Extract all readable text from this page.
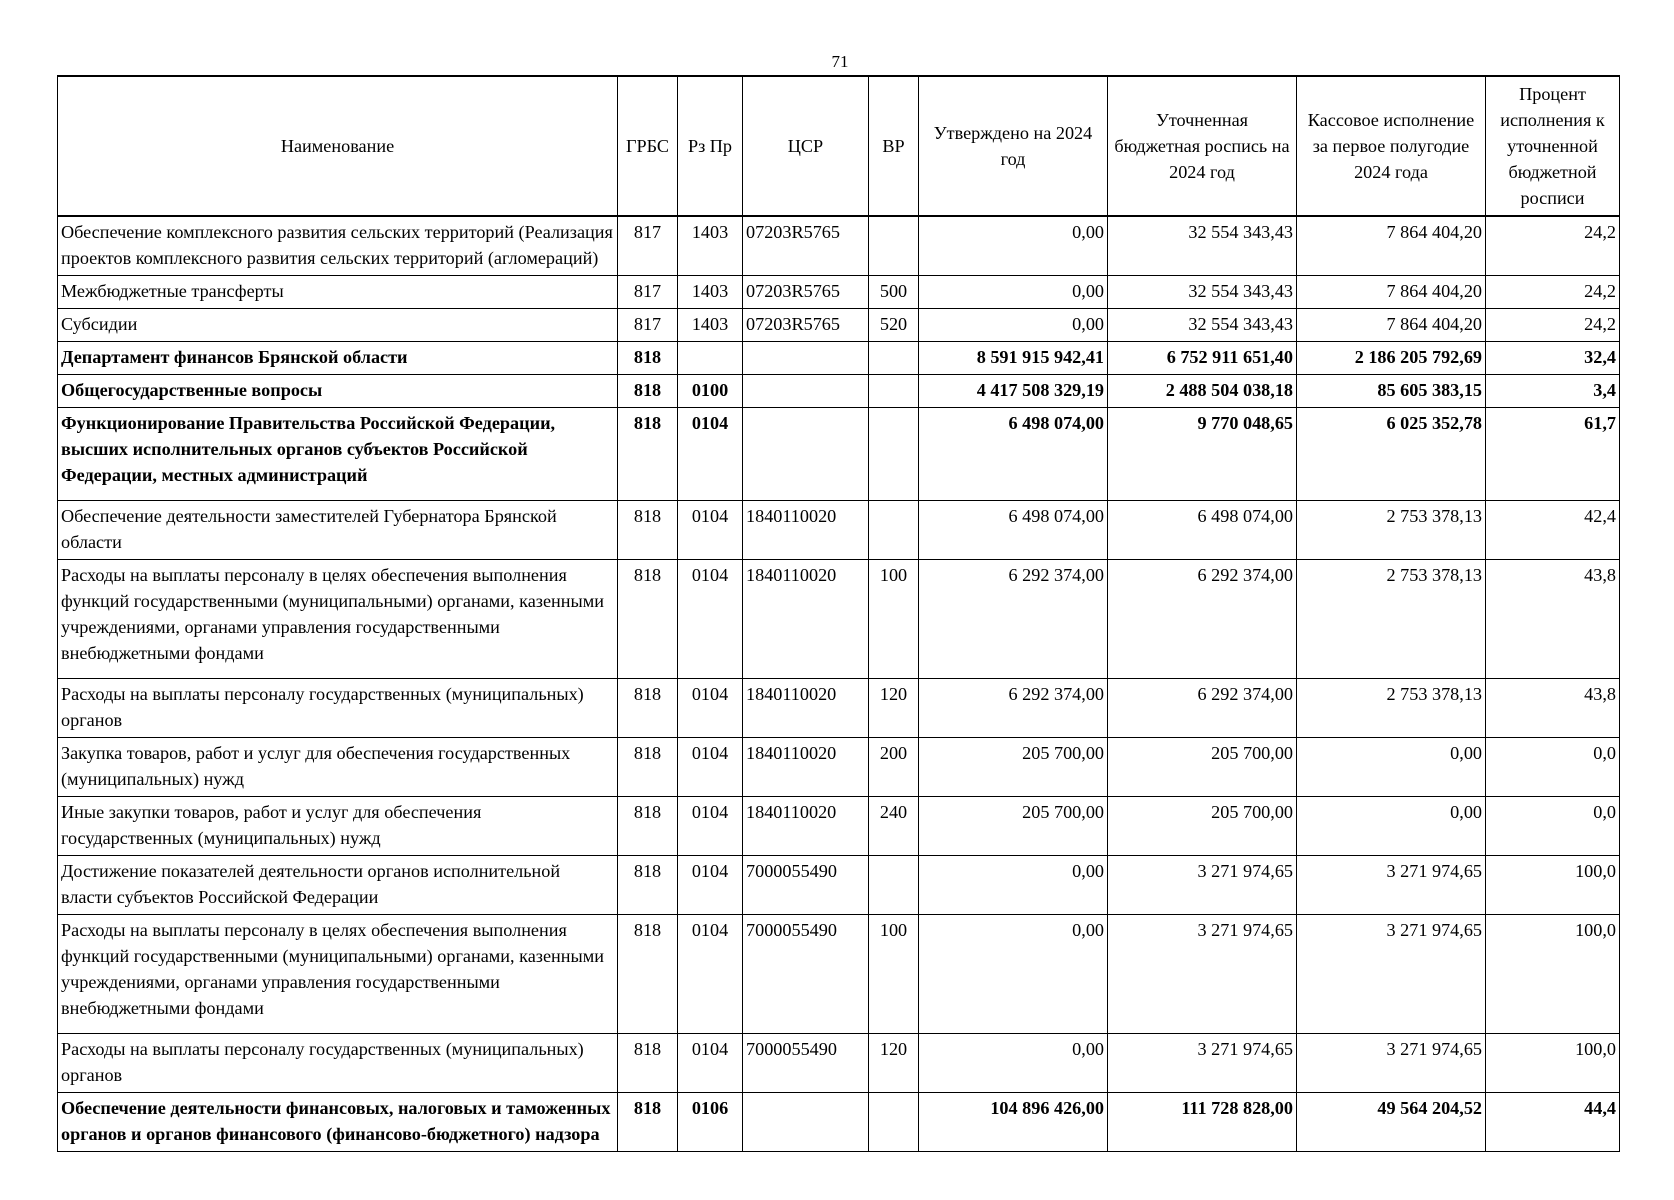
71
Наименование	ГРБС	Рз Пр	ЦСР	ВР	Утверждено на 2024 год	Уточненная бюджетная роспись на 2024 год	Кассовое исполнение за первое полугодие 2024 года	Процент исполнения к уточненной бюджетной росписи
Обеспечение комплексного развития сельских территорий (Реализация проектов комплексного развития сельских территорий (агломераций)	817	1403	07203R5765		0,00	32 554 343,43	7 864 404,20	24,2
Межбюджетные трансферты	817	1403	07203R5765	500	0,00	32 554 343,43	7 864 404,20	24,2
Субсидии	817	1403	07203R5765	520	0,00	32 554 343,43	7 864 404,20	24,2
Департамент финансов Брянской области	818				8 591 915 942,41	6 752 911 651,40	2 186 205 792,69	32,4
Общегосударственные вопросы	818	0100			4 417 508 329,19	2 488 504 038,18	85 605 383,15	3,4
Функционирование Правительства Российской Федерации, высших исполнительных органов субъектов Российской Федерации, местных администраций	818	0104			6 498 074,00	9 770 048,65	6 025 352,78	61,7
Обеспечение деятельности заместителей Губернатора Брянской области	818	0104	1840110020		6 498 074,00	6 498 074,00	2 753 378,13	42,4
Расходы на выплаты персоналу в целях обеспечения выполнения функций государственными (муниципальными) органами, казенными учреждениями, органами управления государственными внебюджетными фондами	818	0104	1840110020	100	6 292 374,00	6 292 374,00	2 753 378,13	43,8
Расходы на выплаты персоналу государственных (муниципальных) органов	818	0104	1840110020	120	6 292 374,00	6 292 374,00	2 753 378,13	43,8
Закупка товаров, работ и услуг для обеспечения государственных (муниципальных) нужд	818	0104	1840110020	200	205 700,00	205 700,00	0,00	0,0
Иные закупки товаров, работ и услуг для обеспечения государственных (муниципальных) нужд	818	0104	1840110020	240	205 700,00	205 700,00	0,00	0,0
Достижение показателей деятельности органов исполнительной власти субъектов Российской Федерации	818	0104	7000055490		0,00	3 271 974,65	3 271 974,65	100,0
Расходы на выплаты персоналу в целях обеспечения выполнения функций государственными (муниципальными) органами, казенными учреждениями, органами управления государственными внебюджетными фондами	818	0104	7000055490	100	0,00	3 271 974,65	3 271 974,65	100,0
Расходы на выплаты персоналу государственных (муниципальных) органов	818	0104	7000055490	120	0,00	3 271 974,65	3 271 974,65	100,0
Обеспечение деятельности финансовых, налоговых и таможенных органов и органов финансового (финансово-бюджетного) надзора	818	0106			104 896 426,00	111 728 828,00	49 564 204,52	44,4
